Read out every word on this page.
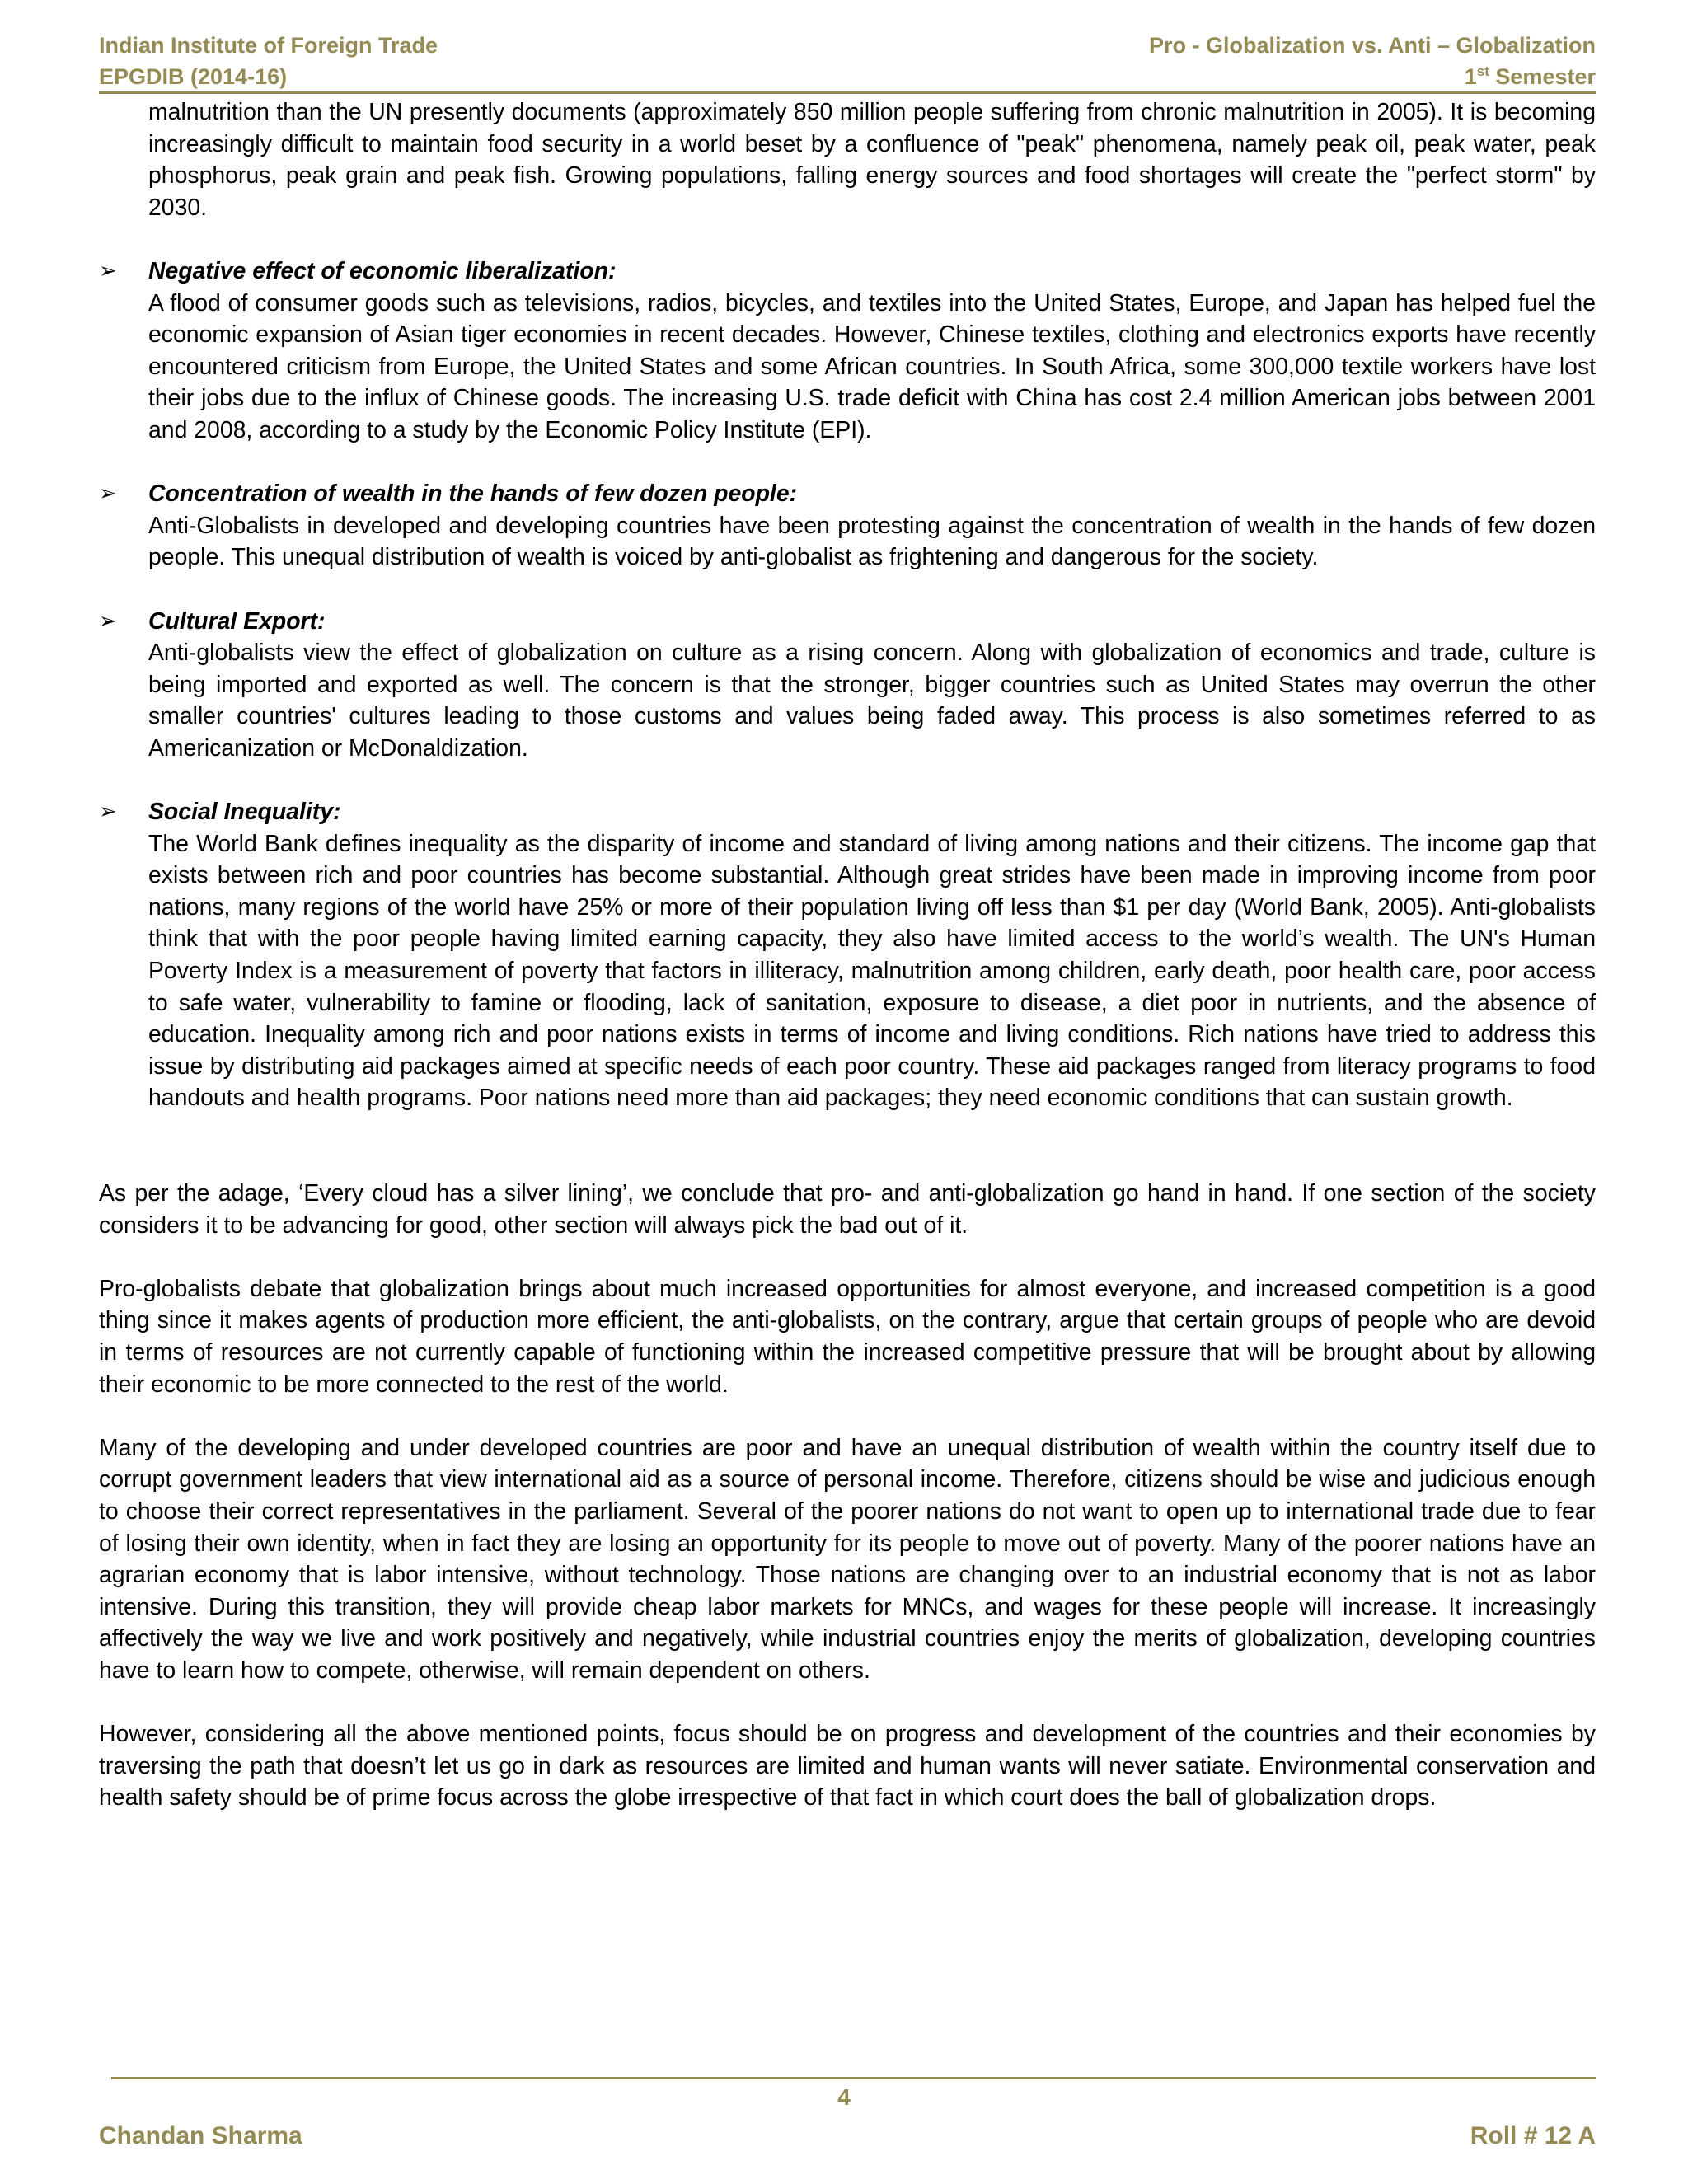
Indian Institute of Foreign Trade
EPGDIB (2014-16)
Pro - Globalization vs. Anti – Globalization
1st Semester

malnutrition than the UN presently documents (approximately 850 million people suffering from chronic malnutrition in 2005). It is becoming increasingly difficult to maintain food security in a world beset by a confluence of "peak" phenomena, namely peak oil, peak water, peak phosphorus, peak grain and peak fish. Growing populations, falling energy sources and food shortages will create the "perfect storm" by 2030.

➢ Negative effect of economic liberalization:

A flood of consumer goods such as televisions, radios, bicycles, and textiles into the United States, Europe, and Japan has helped fuel the economic expansion of Asian tiger economies in recent decades. However, Chinese textiles, clothing and electronics exports have recently encountered criticism from Europe, the United States and some African countries. In South Africa, some 300,000 textile workers have lost their jobs due to the influx of Chinese goods. The increasing U.S. trade deficit with China has cost 2.4 million American jobs between 2001 and 2008, according to a study by the Economic Policy Institute (EPI).

➢ Concentration of wealth in the hands of few dozen people:

Anti-Globalists in developed and developing countries have been protesting against the concentration of wealth in the hands of few dozen people. This unequal distribution of wealth is voiced by anti-globalist as frightening and dangerous for the society.

➢ Cultural Export:

Anti-globalists view the effect of globalization on culture as a rising concern. Along with globalization of economics and trade, culture is being imported and exported as well. The concern is that the stronger, bigger countries such as United States may overrun the other smaller countries' cultures leading to those customs and values being faded away. This process is also sometimes referred to as Americanization or McDonaldization.

➢ Social Inequality:

The World Bank defines inequality as the disparity of income and standard of living among nations and their citizens. The income gap that exists between rich and poor countries has become substantial. Although great strides have been made in improving income from poor nations, many regions of the world have 25% or more of their population living off less than $1 per day (World Bank, 2005). Anti-globalists think that with the poor people having limited earning capacity, they also have limited access to the world’s wealth. The UN's Human Poverty Index is a measurement of poverty that factors in illiteracy, malnutrition among children, early death, poor health care, poor access to safe water, vulnerability to famine or flooding, lack of sanitation, exposure to disease, a diet poor in nutrients, and the absence of education. Inequality among rich and poor nations exists in terms of income and living conditions. Rich nations have tried to address this issue by distributing aid packages aimed at specific needs of each poor country. These aid packages ranged from literacy programs to food handouts and health programs. Poor nations need more than aid packages; they need economic conditions that can sustain growth.

As per the adage, ‘Every cloud has a silver lining’, we conclude that pro- and anti-globalization go hand in hand. If one section of the society considers it to be advancing for good, other section will always pick the bad out of it.

Pro-globalists debate that globalization brings about much increased opportunities for almost everyone, and increased competition is a good thing since it makes agents of production more efficient, the anti-globalists, on the contrary, argue that certain groups of people who are devoid in terms of resources are not currently capable of functioning within the increased competitive pressure that will be brought about by allowing their economic to be more connected to the rest of the world.

Many of the developing and under developed countries are poor and have an unequal distribution of wealth within the country itself due to corrupt government leaders that view international aid as a source of personal income. Therefore, citizens should be wise and judicious enough to choose their correct representatives in the parliament. Several of the poorer nations do not want to open up to international trade due to fear of losing their own identity, when in fact they are losing an opportunity for its people to move out of poverty. Many of the poorer nations have an agrarian economy that is labor intensive, without technology. Those nations are changing over to an industrial economy that is not as labor intensive. During this transition, they will provide cheap labor markets for MNCs, and wages for these people will increase. It increasingly affectively the way we live and work positively and negatively, while industrial countries enjoy the merits of globalization, developing countries have to learn how to compete, otherwise, will remain dependent on others.

However, considering all the above mentioned points, focus should be on progress and development of the countries and their economies by traversing the path that doesn’t let us go in dark as resources are limited and human wants will never satiate. Environmental conservation and health safety should be of prime focus across the globe irrespective of that fact in which court does the ball of globalization drops.

4
Chandan Sharma	Roll # 12 A
